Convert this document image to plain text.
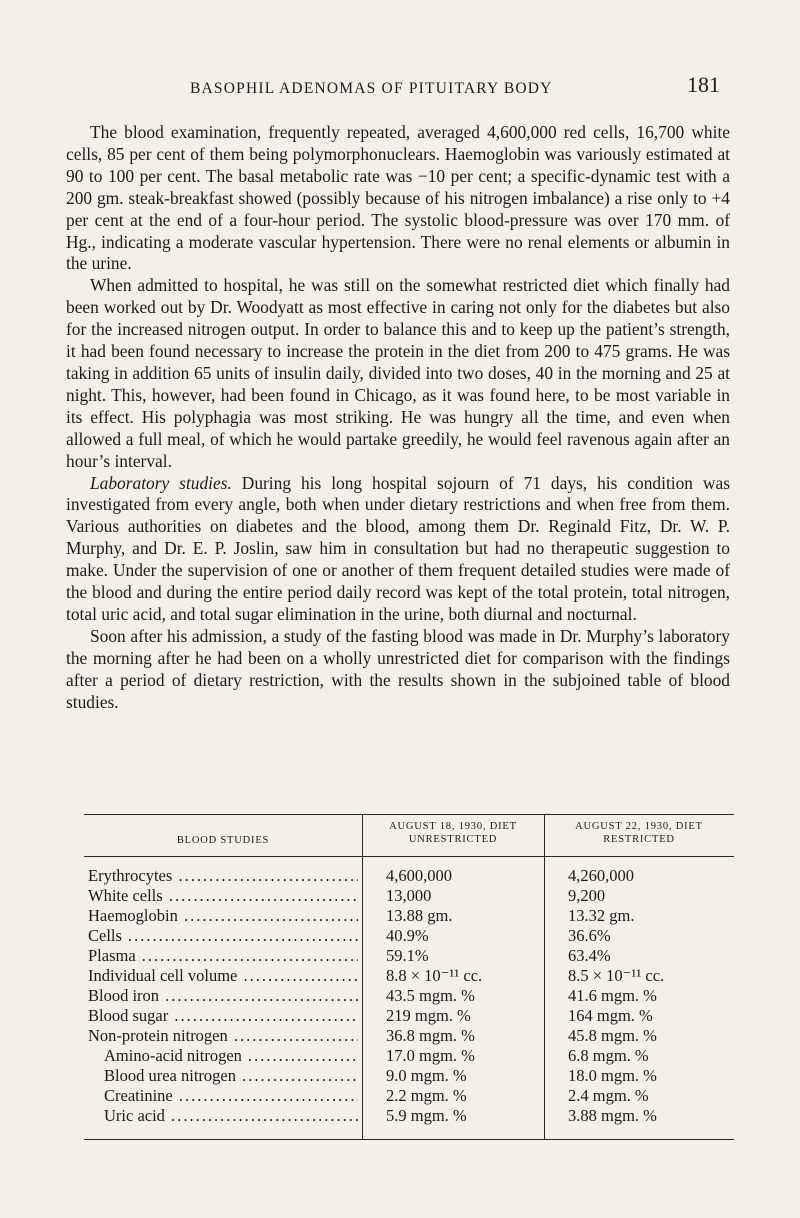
BASOPHIL ADENOMAS OF PITUITARY BODY	181

The blood examination, frequently repeated, averaged 4,600,000 red cells, 16,700 white cells, 85 per cent of them being polymorphonuclears. Haemoglobin was variously estimated at 90 to 100 per cent. The basal metabolic rate was −10 per cent; a specific-dynamic test with a 200 gm. steak-breakfast showed (possibly because of his nitrogen imbalance) a rise only to +4 per cent at the end of a four-hour period. The systolic blood-pressure was over 170 mm. of Hg., indicating a moderate vascular hypertension. There were no renal elements or albumin in the urine.

When admitted to hospital, he was still on the somewhat restricted diet which finally had been worked out by Dr. Woodyatt as most effective in caring not only for the diabetes but also for the increased nitrogen output. In order to balance this and to keep up the patient’s strength, it had been found necessary to increase the protein in the diet from 200 to 475 grams. He was taking in addition 65 units of insulin daily, divided into two doses, 40 in the morning and 25 at night. This, however, had been found in Chicago, as it was found here, to be most variable in its effect. His polyphagia was most striking. He was hungry all the time, and even when allowed a full meal, of which he would partake greedily, he would feel ravenous again after an hour’s interval.

Laboratory studies. During his long hospital sojourn of 71 days, his condition was investigated from every angle, both when under dietary restrictions and when free from them. Various authorities on diabetes and the blood, among them Dr. Reginald Fitz, Dr. W. P. Murphy, and Dr. E. P. Joslin, saw him in consultation but had no therapeutic suggestion to make. Under the supervision of one or another of them frequent detailed studies were made of the blood and during the entire period daily record was kept of the total protein, total nitrogen, total uric acid, and total sugar elimination in the urine, both diurnal and nocturnal.

Soon after his admission, a study of the fasting blood was made in Dr. Murphy’s laboratory the morning after he had been on a wholly unrestricted diet for comparison with the findings after a period of dietary restriction, with the results shown in the subjoined table of blood studies.

BLOOD STUDIES
AUGUST 18, 1930, DIET UNRESTRICTED
AUGUST 22, 1930, DIET RESTRICTED
Erythrocytes .....	4,600,000	4,260,000
White cells .....	13,000	9,200
Haemoglobin .....	13.88 gm.	13.32 gm.
Cells .....	40.9%	36.6%
Plasma .....	59.1%	63.4%
Individual cell volume .....	8.8 × 10⁻¹¹ cc.	8.5 × 10⁻¹¹ cc.
Blood iron .....	43.5 mgm. %	41.6 mgm. %
Blood sugar .....	219 mgm. %	164 mgm. %
Non-protein nitrogen .....	36.8 mgm. %	45.8 mgm. %
Amino-acid nitrogen .....	17.0 mgm. %	6.8 mgm. %
Blood urea nitrogen .....	9.0 mgm. %	18.0 mgm. %
Creatinine .....	2.2 mgm. %	2.4 mgm. %
Uric acid .....	5.9 mgm. %	3.88 mgm. %
